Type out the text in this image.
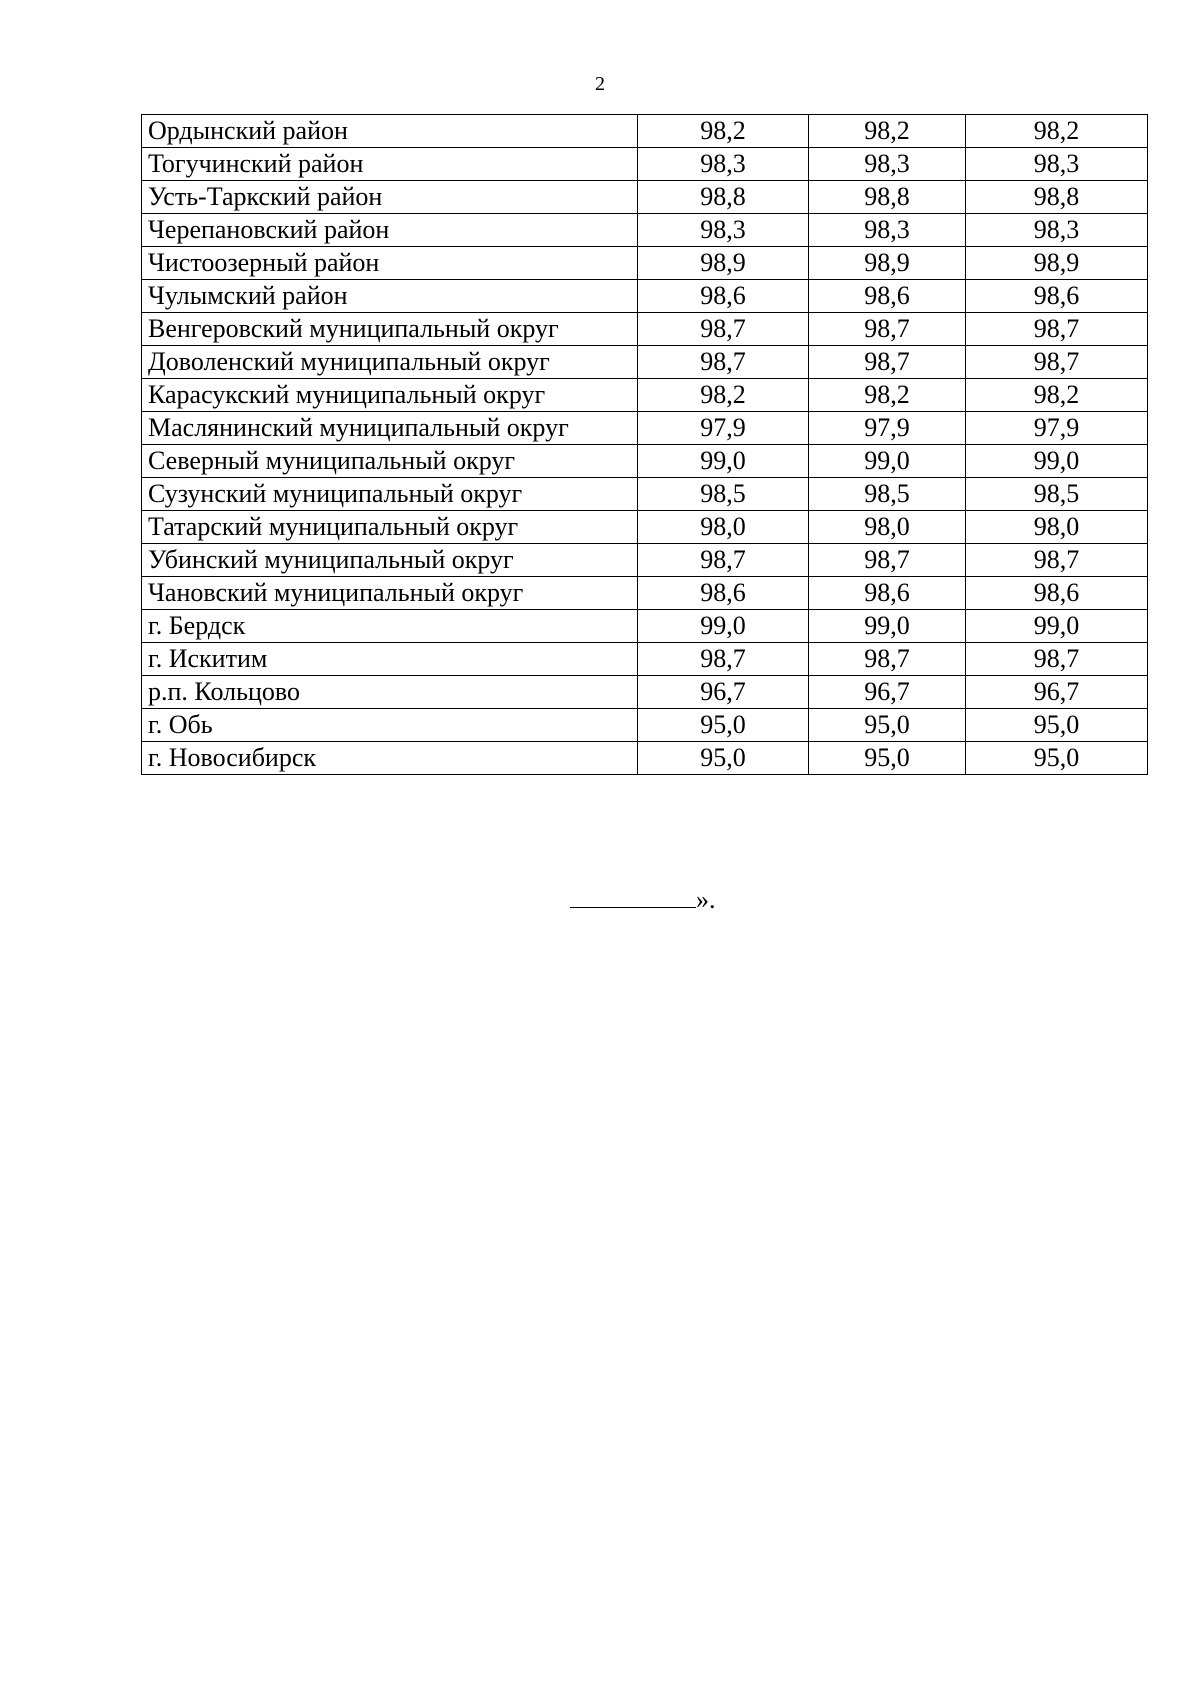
2
Ордынский район	98,2	98,2	98,2
Тогучинский район	98,3	98,3	98,3
Усть-Таркский район	98,8	98,8	98,8
Черепановский район	98,3	98,3	98,3
Чистоозерный район	98,9	98,9	98,9
Чулымский район	98,6	98,6	98,6
Венгеровский муниципальный округ	98,7	98,7	98,7
Доволенский муниципальный округ	98,7	98,7	98,7
Карасукский муниципальный округ	98,2	98,2	98,2
Маслянинский муниципальный округ	97,9	97,9	97,9
Северный муниципальный округ	99,0	99,0	99,0
Сузунский муниципальный округ	98,5	98,5	98,5
Татарский муниципальный округ	98,0	98,0	98,0
Убинский муниципальный округ	98,7	98,7	98,7
Чановский муниципальный округ	98,6	98,6	98,6
г. Бердск	99,0	99,0	99,0
г. Искитим	98,7	98,7	98,7
р.п. Кольцово	96,7	96,7	96,7
г. Обь	95,0	95,0	95,0
г. Новосибирск	95,0	95,0	95,0
».
